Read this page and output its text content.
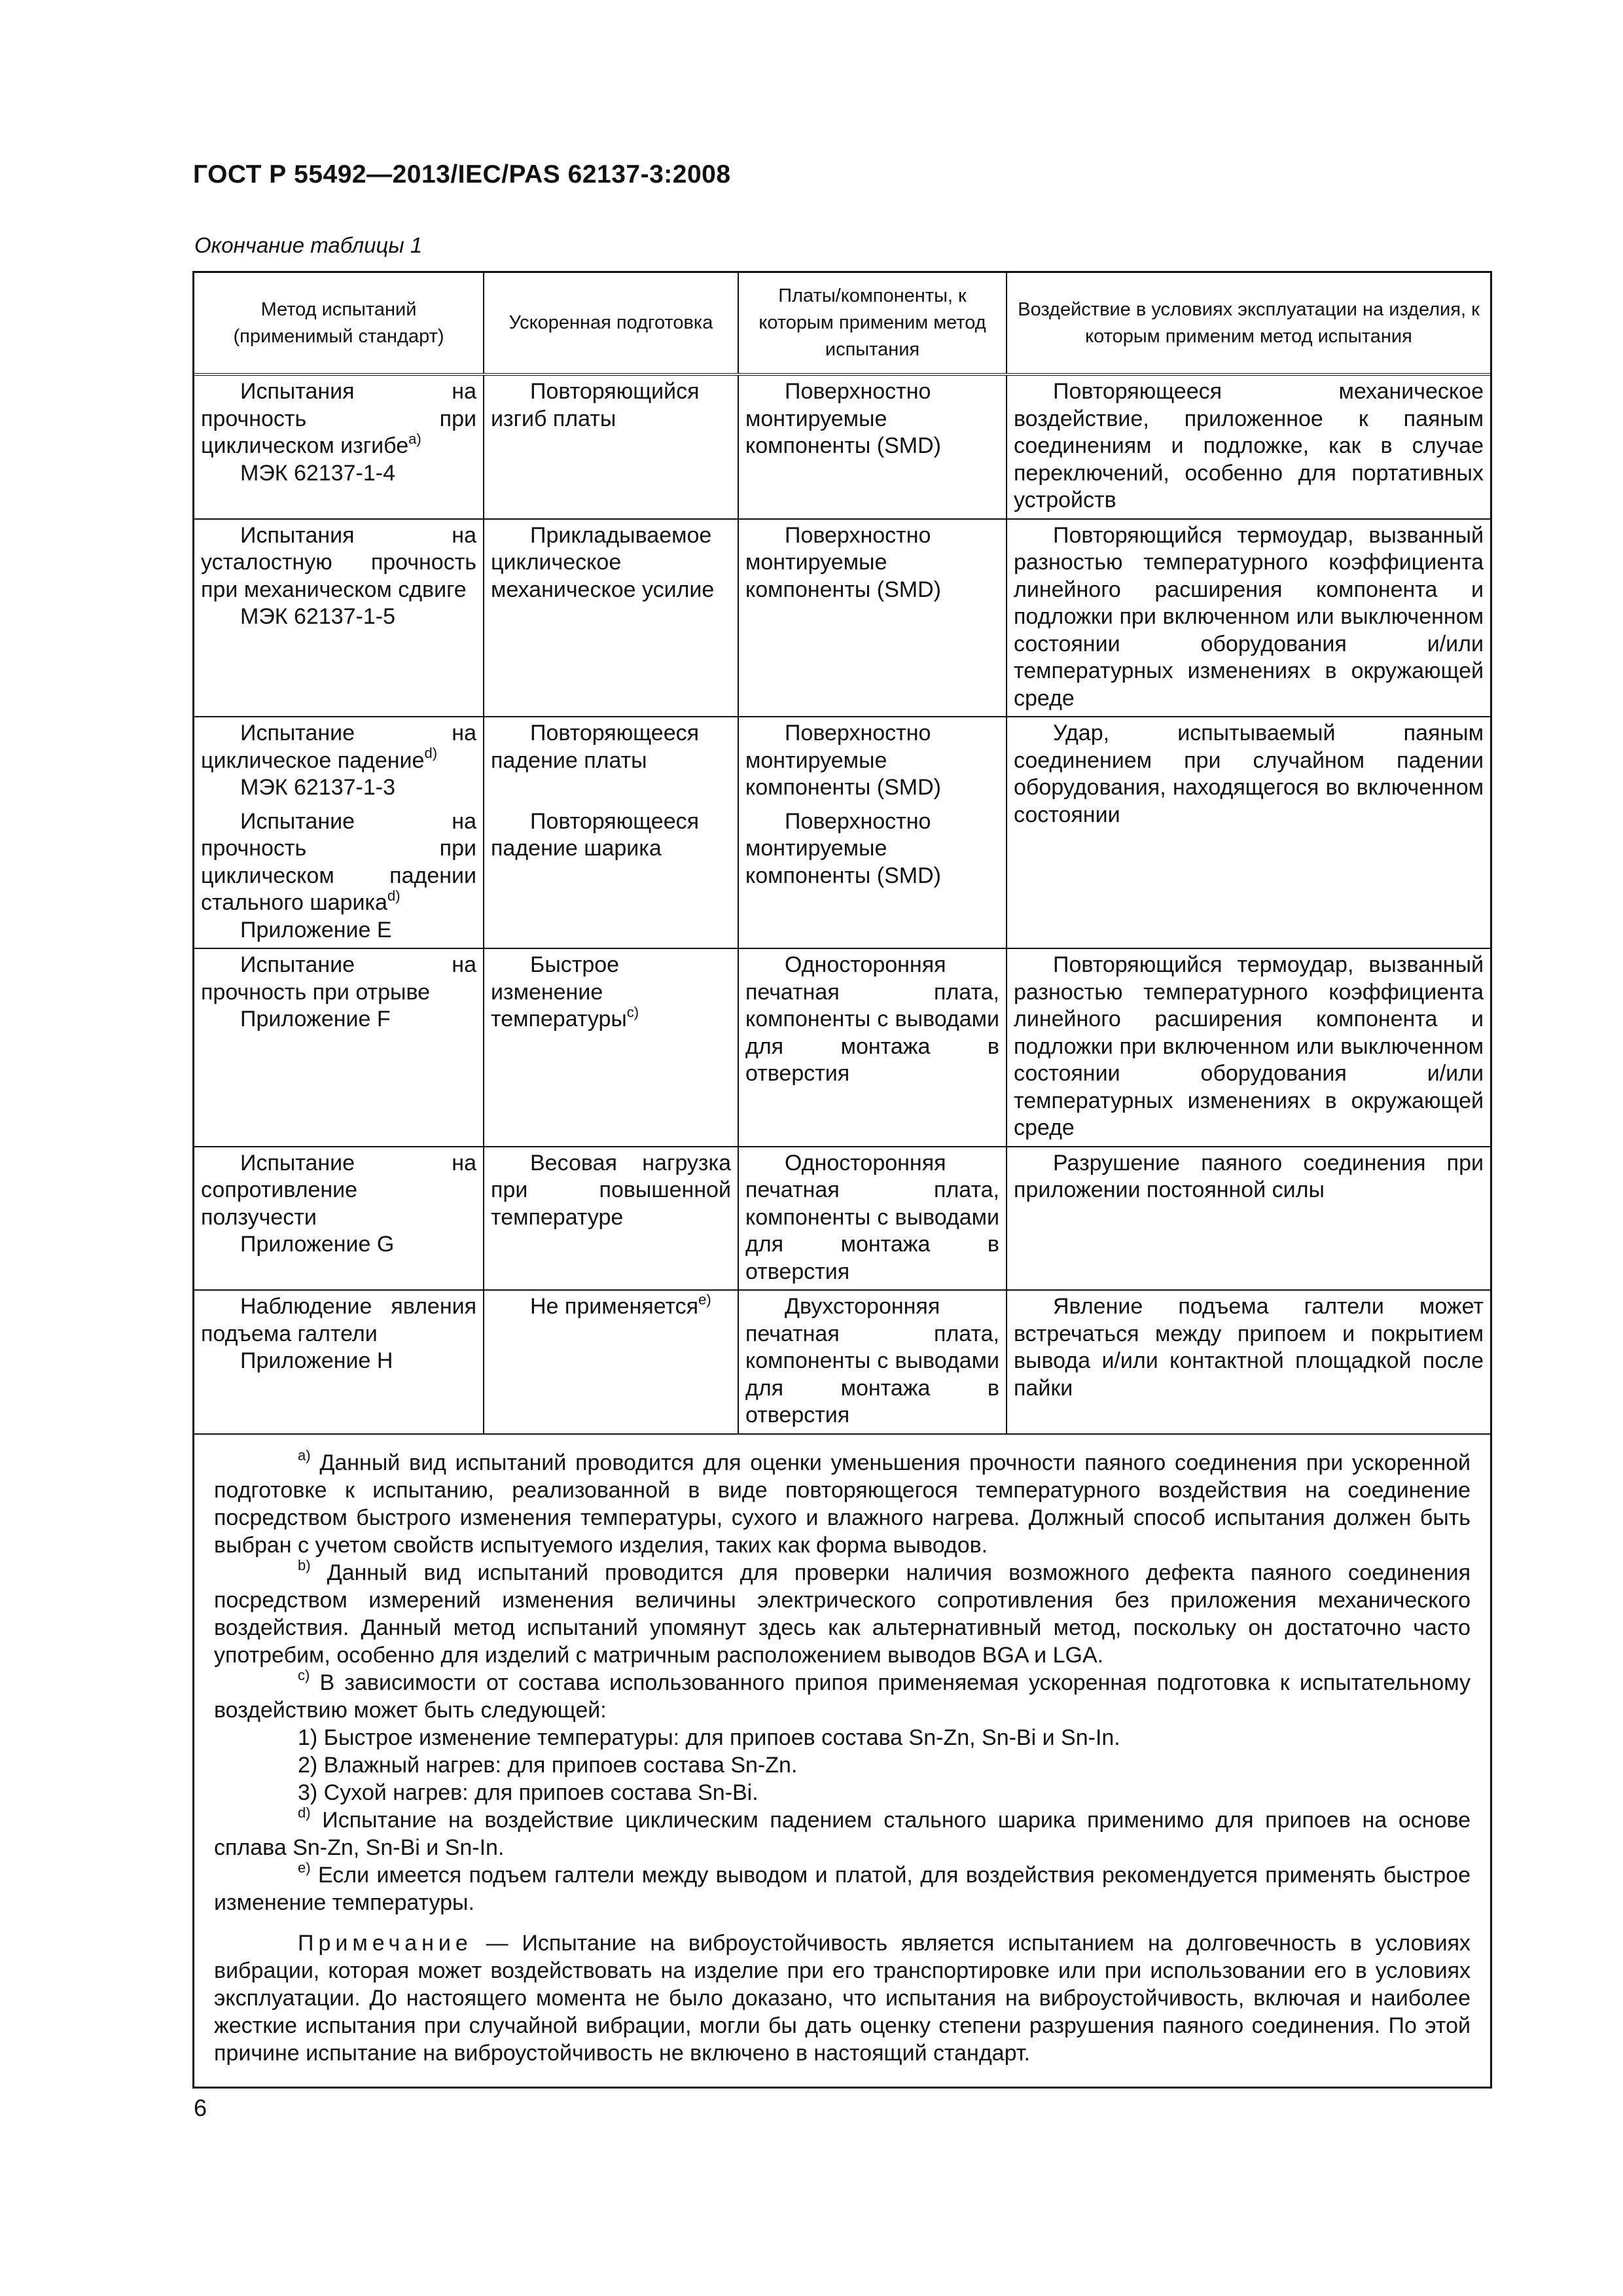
ГОСТ Р 55492—2013/IEC/PAS 62137-3:2008
Окончание таблицы 1
Метод испытаний (применимый стандарт)	Ускоренная подготовка	Платы/компоненты, к которым применим метод испытания	Воздействие в условиях эксплуатации на изделия, к которым применим метод испытания

Испытания на прочность при циклическом изгибе$^{a)}$
МЭК 62137-1-4	Повторяющийся изгиб платы	Поверхностно монтируемые компоненты (SMD)	Повторяющееся механическое воздействие, приложенное к паяным соединениям и подложке, как в случае переключений, особенно для портативных устройств

Испытания на усталостную прочность при механическом сдвиге
МЭК 62137-1-5	Прикладываемое циклическое механическое усилие	Поверхностно монтируемые компоненты (SMD)	Повторяющийся термоудар, вызванный разностью температурного коэффициента линейного расширения компонента и подложки при включенном или выключенном состоянии оборудования и/или температурных изменениях в окружающей среде

Испытание на циклическое падение$^{d)}$
МЭК 62137-1-3	Повторяющееся падение платы	Поверхностно монтируемые компоненты (SMD)	Удар, испытываемый паяным соединением при случайном падении оборудования, находящегося во включенном состоянии

Испытание на прочность при циклическом падении стального шарика$^{d)}$
Приложение E	Повторяющееся падение шарика	Поверхностно монтируемые компоненты (SMD)	

Испытание на прочность при отрыве
Приложение F	Быстрое изменение температуры$^{c)}$	Односторонняя печатная плата, компоненты с выводами для монтажа в отверстия	Повторяющийся термоудар, вызванный разностью температурного коэффициента линейного расширения компонента и подложки при включенном или выключенном состоянии оборудования и/или температурных изменениях в окружающей среде

Испытание на сопротивление ползучести
Приложение G	Весовая нагрузка при повышенной температуре	Односторонняя печатная плата, компоненты с выводами для монтажа в отверстия	Разрушение паяного соединения при приложении постоянной силы

Наблюдение явления подъема галтели
Приложение H	Не применяется$^{e)}$	Двухсторонняя печатная плата, компоненты с выводами для монтажа в отверстия	Явление подъема галтели может встречаться между припоем и покрытием вывода и/или контактной площадкой после пайки

$^{a)}$ Данный вид испытаний проводится для оценки уменьшения прочности паяного соединения при ускоренной подготовке к испытанию, реализованной в виде повторяющегося температурного воздействия на соединение посредством быстрого изменения температуры, сухого и влажного нагрева. Должный способ испытания должен быть выбран с учетом свойств испытуемого изделия, таких как форма выводов.

$^{b)}$ Данный вид испытаний проводится для проверки наличия возможного дефекта паяного соединения посредством измерений изменения величины электрического сопротивления без приложения механического воздействия. Данный метод испытаний упомянут здесь как альтернативный метод, поскольку он достаточно часто употребим, особенно для изделий с матричным расположением выводов BGA и LGA.

$^{c)}$ В зависимости от состава использованного припоя применяемая ускоренная подготовка к испытательному воздействию может быть следующей:

1) Быстрое изменение температуры: для припоев состава Sn-Zn, Sn-Bi и Sn-In.

2) Влажный нагрев: для припоев состава Sn-Zn.

3) Сухой нагрев: для припоев состава Sn-Bi.

$^{d)}$ Испытание на воздействие циклическим падением стального шарика применимо для припоев на основе сплава Sn-Zn, Sn-Bi и Sn-In.

$^{e)}$ Если имеется подъем галтели между выводом и платой, для воздействия рекомендуется применять быстрое изменение температуры.

Примечание — Испытание на виброустойчивость является испытанием на долговечность в условиях вибрации, которая может воздействовать на изделие при его транспортировке или при использовании его в условиях эксплуатации. До настоящего момента не было доказано, что испытания на виброустойчивость, включая и наиболее жесткие испытания при случайной вибрации, могли бы дать оценку степени разрушения паяного соединения. По этой причине испытание на виброустойчивость не включено в настоящий стандарт.

6
